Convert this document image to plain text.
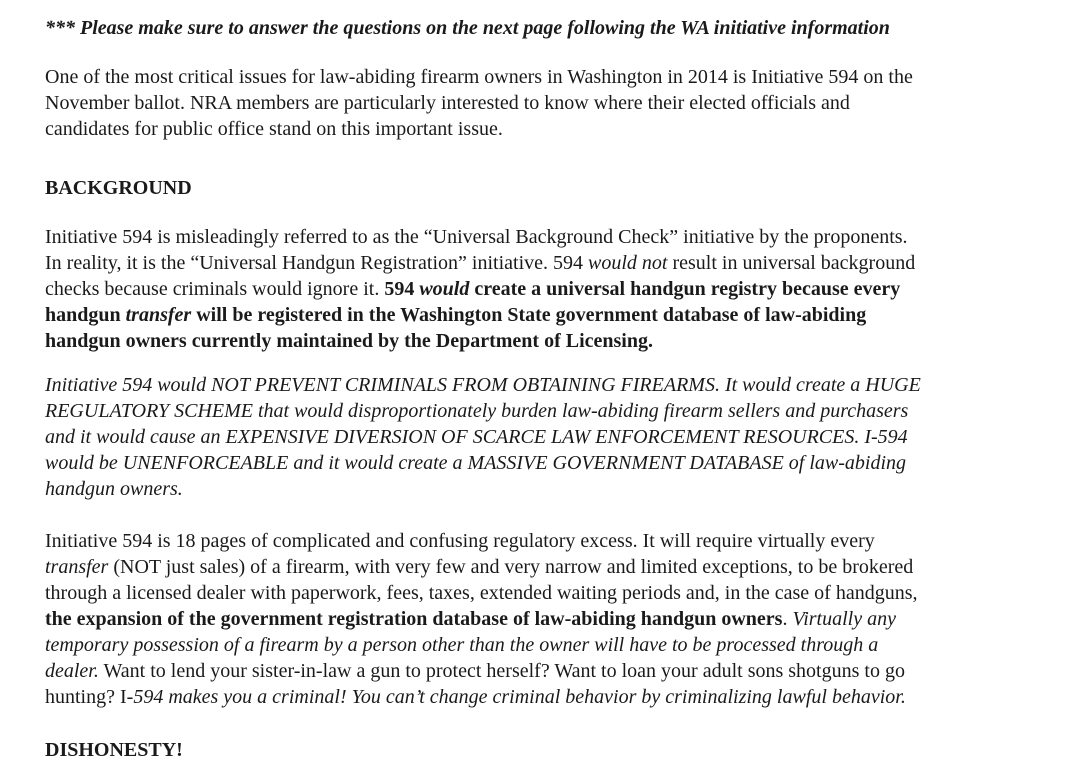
*** Please make sure to answer the questions on the next page following the WA initiative information

One of the most critical issues for law-abiding firearm owners in Washington in 2014 is Initiative 594 on the
November ballot. NRA members are particularly interested to know where their elected officials and
candidates for public office stand on this important issue.

BACKGROUND

Initiative 594 is misleadingly referred to as the “Universal Background Check” initiative by the proponents.
In reality, it is the “Universal Handgun Registration” initiative. 594 would not result in universal background
checks because criminals would ignore it. 594 would create a universal handgun registry because every
handgun transfer will be registered in the Washington State government database of law-abiding
handgun owners currently maintained by the Department of Licensing.

Initiative 594 would NOT PREVENT CRIMINALS FROM OBTAINING FIREARMS. It would create a HUGE
REGULATORY SCHEME that would disproportionately burden law-abiding firearm sellers and purchasers
and it would cause an EXPENSIVE DIVERSION OF SCARCE LAW ENFORCEMENT RESOURCES. I-594
would be UNENFORCEABLE and it would create a MASSIVE GOVERNMENT DATABASE of law-abiding
handgun owners.

Initiative 594 is 18 pages of complicated and confusing regulatory excess. It will require virtually every
transfer (NOT just sales) of a firearm, with very few and very narrow and limited exceptions, to be brokered
through a licensed dealer with paperwork, fees, taxes, extended waiting periods and, in the case of handguns,
the expansion of the government registration database of law-abiding handgun owners. Virtually any
temporary possession of a firearm by a person other than the owner will have to be processed through a
dealer. Want to lend your sister-in-law a gun to protect herself? Want to loan your adult sons shotguns to go
hunting? I-594 makes you a criminal! You can’t change criminal behavior by criminalizing lawful behavior.

DISHONESTY!
